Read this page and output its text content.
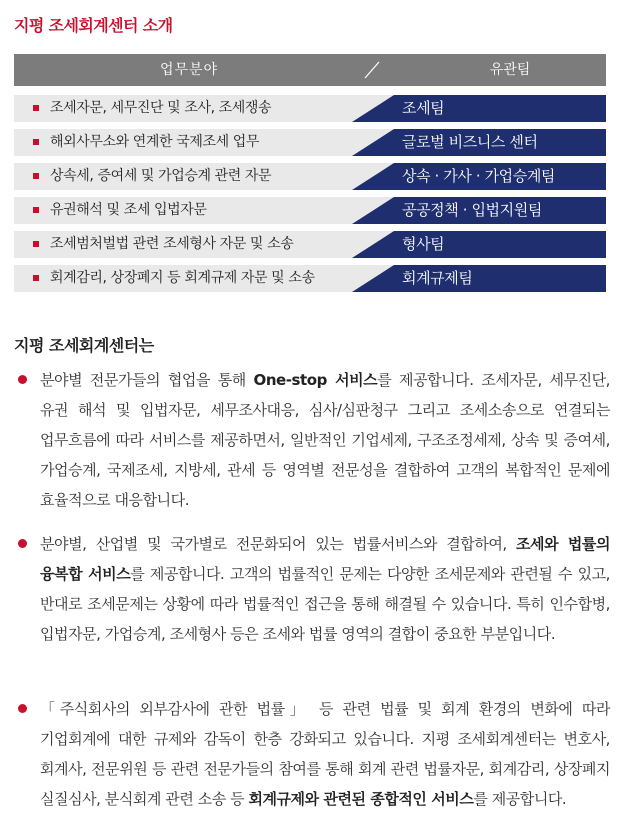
지평 조세회계센터 소개
업무분야	유관팀
조세자문, 세무진단 및 조사, 조세쟁송	조세팀
해외사무소와 연계한 국제조세 업무	글로벌 비즈니스 센터
상속세, 증여세 및 가업승계 관련 자문	상속 · 가사 · 가업승계팀
유권해석 및 조세 입법자문	공공정책 · 입법지원팀
조세범처벌법 관련 조세형사 자문 및 소송	형사팀
회계감리, 상장폐지 등 회계규제 자문 및 소송	회계규제팀
지평 조세회계센터는
분야별 전문가들의 협업을 통해 One-stop 서비스를 제공합니다. 조세자문, 세무진단, 유권 해석 및 입법자문, 세무조사대응, 심사/심판청구 그리고 조세소송으로 연결되는 업무흐름에 따라 서비스를 제공하면서, 일반적인 기업세제, 구조조정세제, 상속 및 증여세, 가업승계, 국제조세, 지방세, 관세 등 영역별 전문성을 결합하여 고객의 복합적인 문제에 효율적으로 대응합니다.
분야별, 산업별 및 국가별로 전문화되어 있는 법률서비스와 결합하여, 조세와 법률의 융복합 서비스를 제공합니다. 고객의 법률적인 문제는 다양한 조세문제와 관련될 수 있고, 반대로 조세문제는 상황에 따라 법률적인 접근을 통해 해결될 수 있습니다. 특히 인수합병, 입법자문, 가업승계, 조세형사 등은 조세와 법률 영역의 결합이 중요한 부분입니다.
「주식회사의 외부감사에 관한 법률」 등 관련 법률 및 회계 환경의 변화에 따라 기업회계에 대한 규제와 감독이 한층 강화되고 있습니다. 지평 조세회계센터는 변호사, 회계사, 전문위원 등 관련 전문가들의 참여를 통해 회계 관련 법률자문, 회계감리, 상장폐지 실질심사, 분식회계 관련 소송 등 회계규제와 관련된 종합적인 서비스를 제공합니다.
